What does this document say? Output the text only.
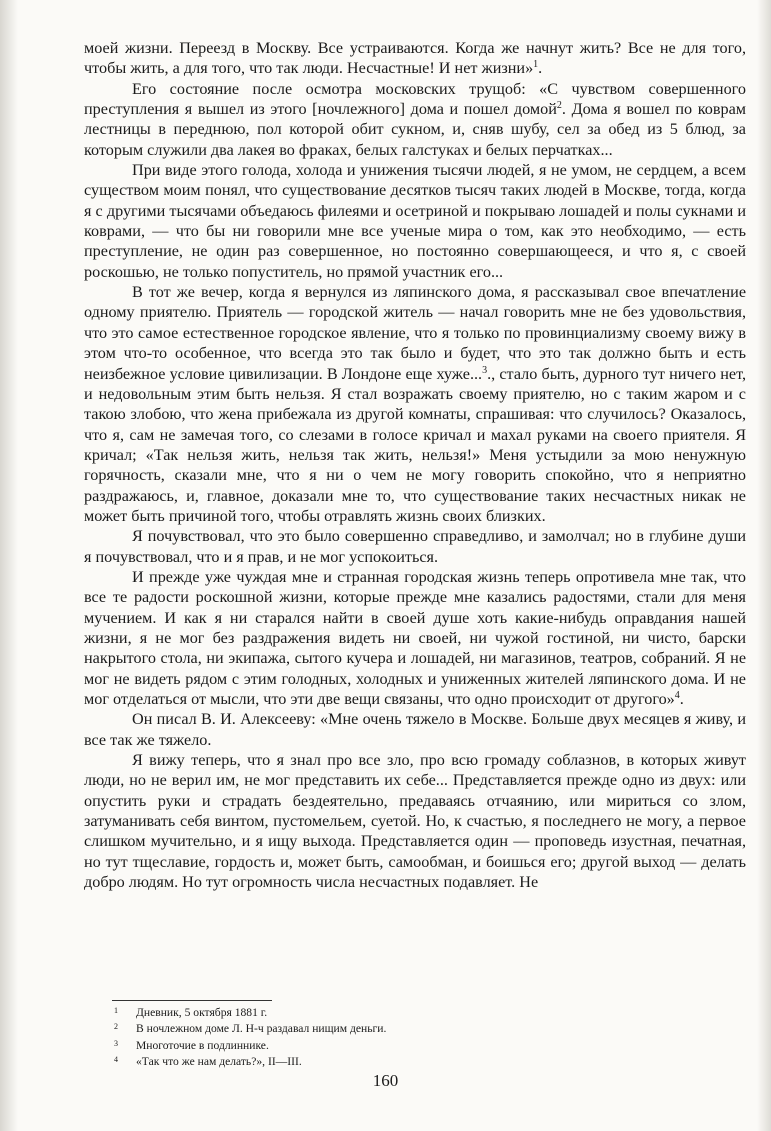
моей жизни. Переезд в Москву. Все устраиваются. Когда же начнут жить? Все не для того, чтобы жить, а для того, что так люди. Несчастные! И нет жизни»$^1$.

Его состояние после осмотра московских трущоб: «С чувством совершенного преступления я вышел из этого [ночлежного] дома и пошел домой$^2$. Дома я вошел по коврам лестницы в переднюю, пол которой обит сукном, и, сняв шубу, сел за обед из 5 блюд, за которым служили два лакея во фраках, белых галстуках и белых перчатках...

При виде этого голода, холода и унижения тысячи людей, я не умом, не сердцем, а всем существом моим понял, что существование десятков тысяч таких людей в Москве, тогда, когда я с другими тысячами объедаюсь филеями и осетриной и покрываю лошадей и полы сукнами и коврами, — что бы ни говорили мне все ученые мира о том, как это необходимо, — есть преступление, не один раз совершенное, но постоянно совершающееся, и что я, с своей роскошью, не только попуститель, но прямой участник его...

В тот же вечер, когда я вернулся из ляпинского дома, я рассказывал свое впечатление одному приятелю. Приятель — городской житель — начал говорить мне не без удовольствия, что это самое естественное городское явление, что я только по провинциализму своему вижу в этом что-то особенное, что всегда это так было и будет, что это так должно быть и есть неизбежное условие цивилизации. В Лондоне еще хуже...$^3$., стало быть, дурного тут ничего нет, и недовольным этим быть нельзя. Я стал возражать своему приятелю, но с таким жаром и с такою злобою, что жена прибежала из другой комнаты, спрашивая: что случилось? Оказалось, что я, сам не замечая того, со слезами в голосе кричал и махал руками на своего приятеля. Я кричал; «Так нельзя жить, нельзя так жить, нельзя!» Меня устыдили за мою ненужную горячность, сказали мне, что я ни о чем не могу говорить спокойно, что я неприятно раздражаюсь, и, главное, доказали мне то, что существование таких несчастных никак не может быть причиной того, чтобы отравлять жизнь своих близких.

Я почувствовал, что это было совершенно справедливо, и замолчал; но в глубине души я почувствовал, что и я прав, и не мог успокоиться.

И прежде уже чуждая мне и странная городская жизнь теперь опротивела мне так, что все те радости роскошной жизни, которые прежде мне казались радостями, стали для меня мучением. И как я ни старался найти в своей душе хоть какие-нибудь оправдания нашей жизни, я не мог без раздражения видеть ни своей, ни чужой гостиной, ни чисто, барски накрытого стола, ни экипажа, сытого кучера и лошадей, ни магазинов, театров, собраний. Я не мог не видеть рядом с этим голодных, холодных и униженных жителей ляпинского дома. И не мог отделаться от мысли, что эти две вещи связаны, что одно происходит от другого»$^4$.

Он писал В. И. Алексееву: «Мне очень тяжело в Москве. Больше двух месяцев я живу, и все так же тяжело.

Я вижу теперь, что я знал про все зло, про всю громаду соблазнов, в которых живут люди, но не верил им, не мог представить их себе... Представляется прежде одно из двух: или опустить руки и страдать бездеятельно, предаваясь отчаянию, или мириться со злом, затуманивать себя винтом, пустомельем, суетой. Но, к счастью, я последнего не могу, а первое слишком мучительно, и я ищу выхода. Представляется один — проповедь изустная, печатная, но тут тщеславие, гордость и, может быть, самообман, и боишься его; другой выход — делать добро людям. Но тут огромность числа несчастных подавляет. Не

1	Дневник, 5 октября 1881 г.
2	В ночлежном доме Л. Н-ч раздавал нищим деньги.
3	Многоточие в подлиннике.
4	«Так что же нам делать?», II—III.
160
